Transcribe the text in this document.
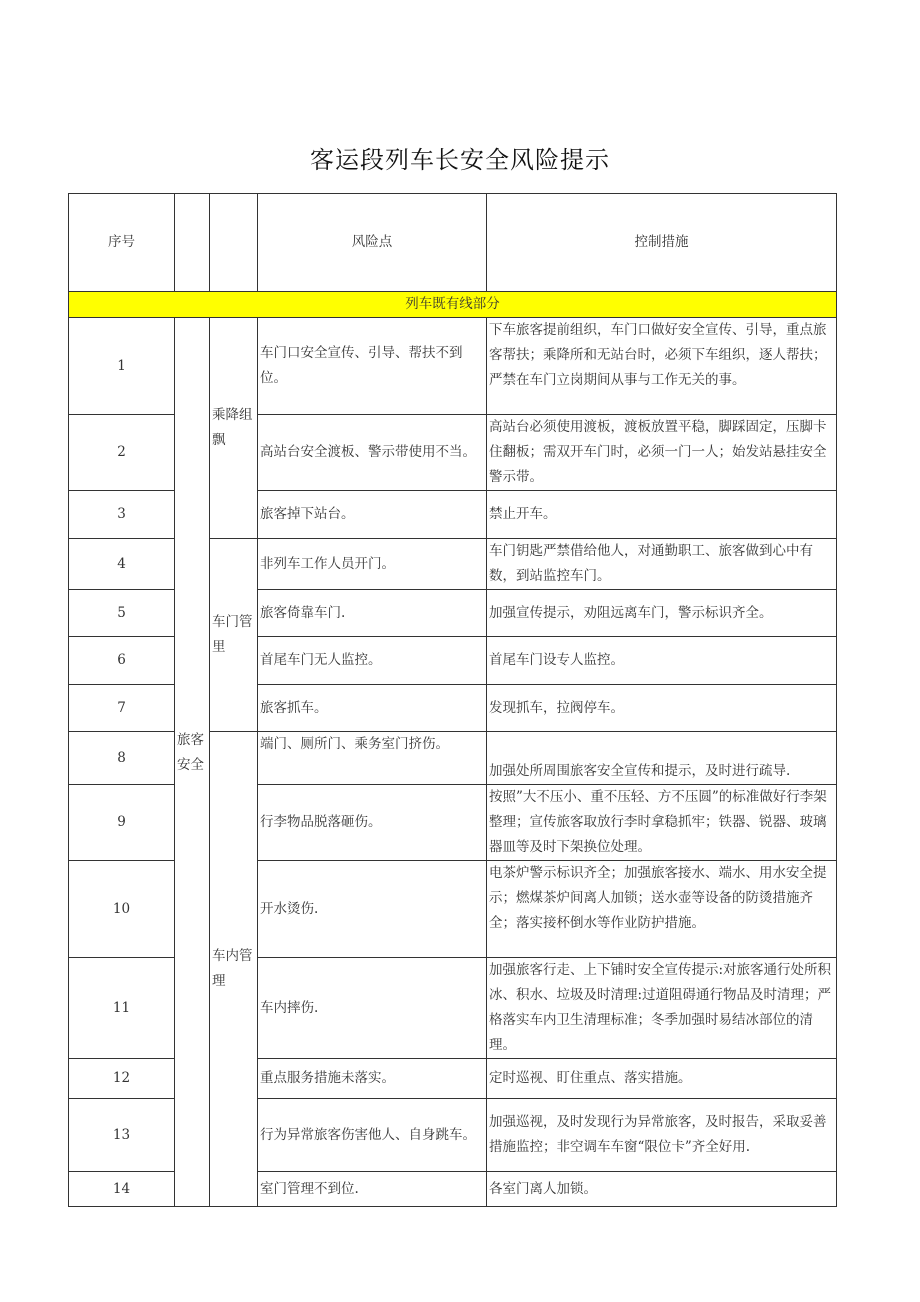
客运段列车长安全风险提示
序号			风险点	控制措施
列车既有线部分				
1	旅客安全	乘降组飘	车门口安全宣传、引导、帮扶不到位。	下车旅客提前组织，车门口做好安全宣传、引导，重点旅客帮扶；乘降所和无站台时，必须下车组织，逐人帮扶；严禁在车门立岗期间从事与工作无关的事。
2			高站台安全渡板、警示带使用不当。	高站台必须使用渡板，渡板放置平稳，脚踩固定，压脚卡住翻板；需双开车门时，必须一门一人；始发站悬挂安全警示带。
3			旅客掉下站台。	禁止开车。
4		车门管里	非列车工作人员开门。	车门钥匙严禁借给他人，对通勤职工、旅客做到心中有数，到站监控车门。
5			旅客倚靠车门.	加强宣传提示，劝阻远离车门，警示标识齐全。
6			首尾车门无人监控。	首尾车门设专人监控。
7			旅客抓车。	发现抓车，拉阀停车。
8		车内管理	端门、厕所门、乘务室门挤伤。	加强处所周围旅客安全宣传和提示，及时进行疏导.
9			行李物品脱落砸伤。	按照”大不压小、重不压轻、方不压圆”的标准做好行李架整理；宣传旅客取放行李时拿稳抓牢；铁器、锐器、玻璃器皿等及时下架换位处理。
10			开水烫伤.	电茶炉警示标识齐全；加强旅客接水、端水、用水安全提示；燃煤茶炉间离人加锁；送水壶等设备的防烫措施齐全；落实接杯倒水等作业防护措施。
11			车内摔伤.	加强旅客行走、上下铺时安全宣传提示:对旅客通行处所积冰、积水、垃圾及时清理:过道阻碍通行物品及时清理；严格落实车内卫生清理标准；冬季加强时易结冰部位的清理。
12			重点服务措施未落实。	定时巡视、盯住重点、落实措施。
13			行为异常旅客伤害他人、自身跳车。	加强巡视，及时发现行为异常旅客，及时报告，采取妥善措施监控；非空调车车窗“限位卡”齐全好用.
14			室门管理不到位.	各室门离人加锁。
